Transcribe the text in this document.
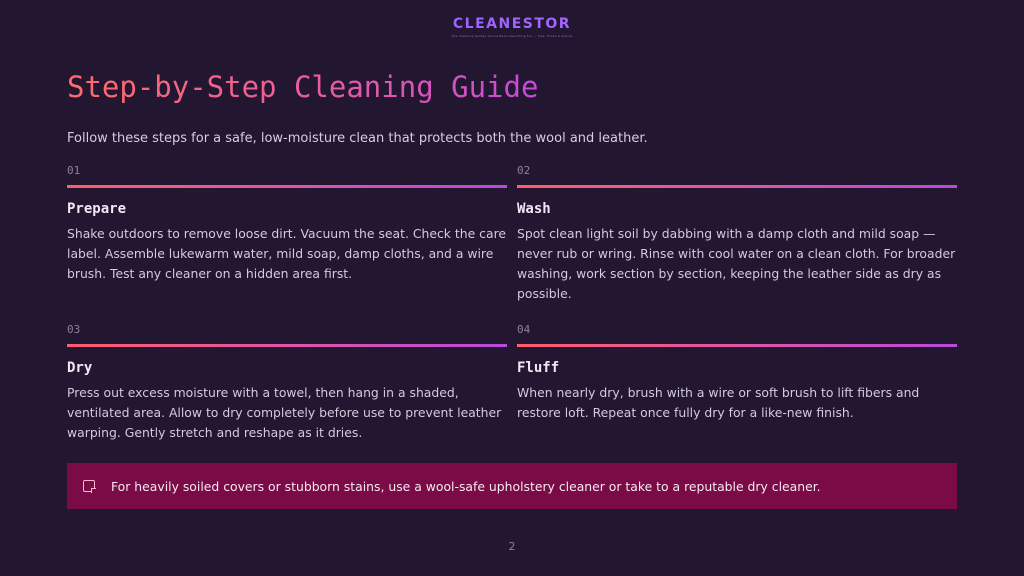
CLEANESTOR
The Cleaning Guides You've Been Searching For — Tips, Tricks & Advice
Step-by-Step Cleaning Guide
Follow these steps for a safe, low-moisture clean that protects both the wool and leather.
01
Prepare
Shake outdoors to remove loose dirt. Vacuum the seat. Check the care label. Assemble lukewarm water, mild soap, damp cloths, and a wire brush. Test any cleaner on a hidden area first.
02
Wash
Spot clean light soil by dabbing with a damp cloth and mild soap — never rub or wring. Rinse with cool water on a clean cloth. For broader washing, work section by section, keeping the leather side as dry as possible.
03
Dry
Press out excess moisture with a towel, then hang in a shaded, ventilated area. Allow to dry completely before use to prevent leather warping. Gently stretch and reshape as it dries.
04
Fluff
When nearly dry, brush with a wire or soft brush to lift fibers and restore loft. Repeat once fully dry for a like-new finish.
For heavily soiled covers or stubborn stains, use a wool-safe upholstery cleaner or take to a reputable dry cleaner.
2
